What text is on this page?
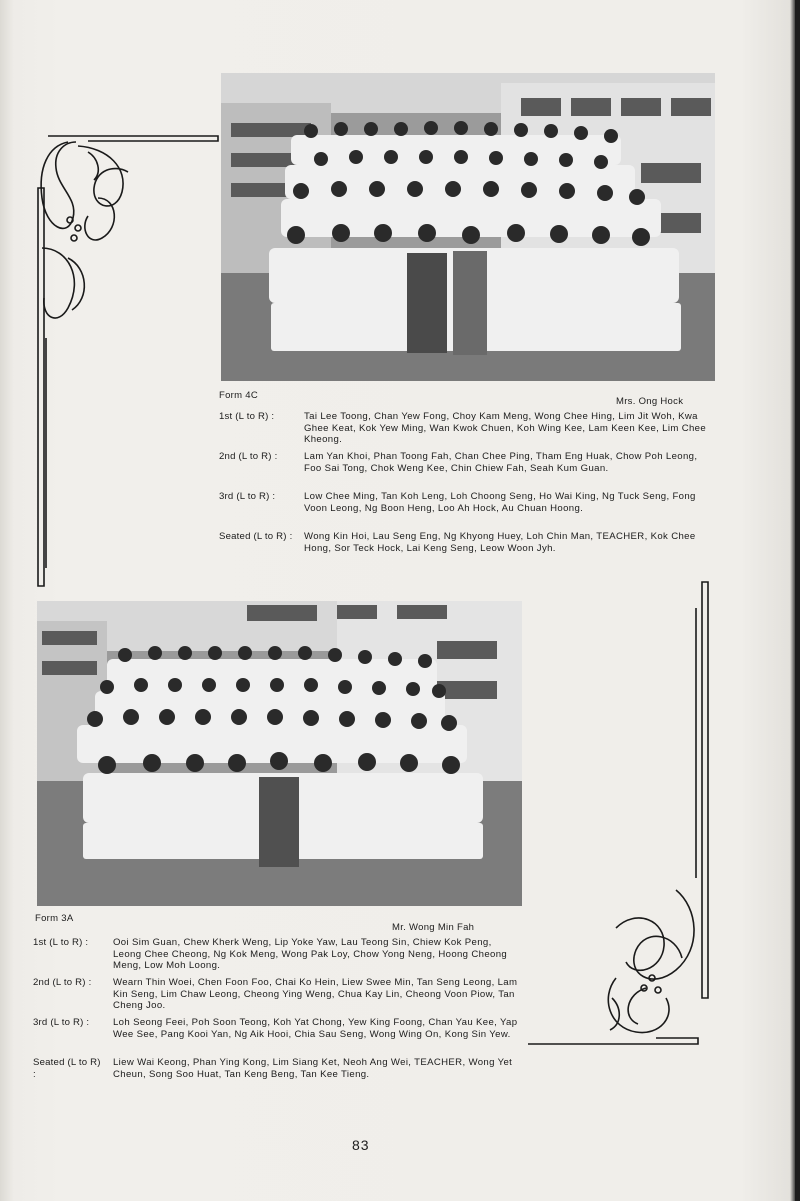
Form 4C
Mrs. Ong Hock
1st (L to R) :	Tai Lee Toong, Chan Yew Fong, Choy Kam Meng, Wong Chee Hing, Lim Jit Woh, Kwa Ghee Keat, Kok Yew Ming, Wan Kwok Chuen, Koh Wing Kee, Lam Keen Kee, Lim Chee Kheong.
2nd (L to R) :	Lam Yan Khoi, Phan Toong Fah, Chan Chee Ping, Tham Eng Huak, Chow Poh Leong, Foo Sai Tong, Chok Weng Kee, Chin Chiew Fah, Seah Kum Guan.
3rd (L to R) :	Low Chee Ming, Tan Koh Leng, Loh Choong Seng, Ho Wai King, Ng Tuck Seng, Fong Voon Leong, Ng Boon Heng, Loo Ah Hock, Au Chuan Hoong.
Seated (L to R) :	Wong Kin Hoi, Lau Seng Eng, Ng Khyong Huey, Loh Chin Man, TEACHER, Kok Chee Hong, Sor Teck Hock, Lai Keng Seng, Leow Woon Jyh.
Form 3A
Mr. Wong Min Fah
1st (L to R) :	Ooi Sim Guan, Chew Kherk Weng, Lip Yoke Yaw, Lau Teong Sin, Chiew Kok Peng, Leong Chee Cheong, Ng Kok Meng, Wong Pak Loy, Chow Yong Neng, Hoong Cheong Meng, Low Moh Loong.
2nd (L to R) :	Wearn Thin Woei, Chen Foon Foo, Chai Ko Hein, Liew Swee Min, Tan Seng Leong, Lam Kin Seng, Lim Chaw Leong, Cheong Ying Weng, Chua Kay Lin, Cheong Voon Piow, Tan Cheng Joo.
3rd (L to R) :	Loh Seong Feei, Poh Soon Teong, Koh Yat Chong, Yew King Foong, Chan Yau Kee, Yap Wee See, Pang Kooi Yan, Ng Aik Hooi, Chia Sau Seng, Wong Wing On, Kong Sin Yew.
Seated (L to R) :
Liew Wai Keong, Phan Ying Kong, Lim Siang Ket, Neoh Ang Wei, TEACHER, Wong Yet Cheun, Song Soo Huat, Tan Keng Beng, Tan Kee Tieng.
83
